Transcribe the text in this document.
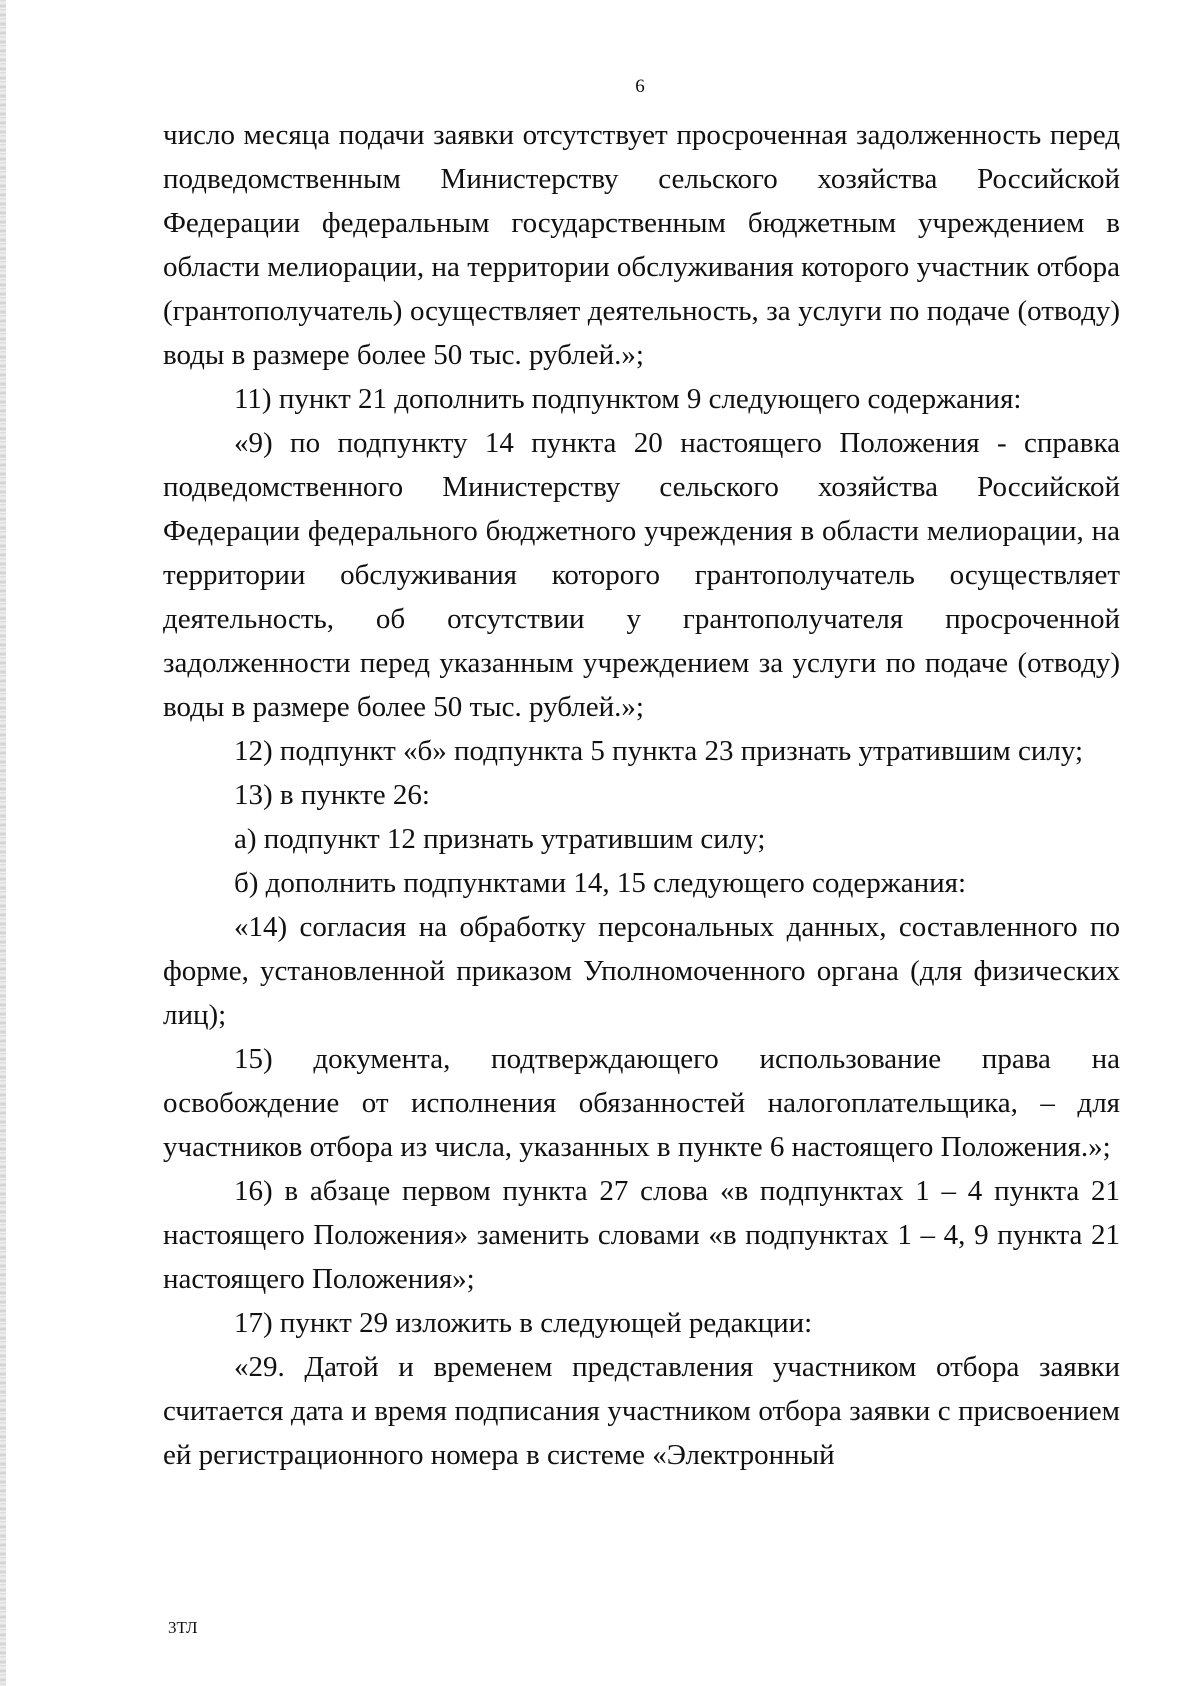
6

число месяца подачи заявки отсутствует просроченная задолженность перед подведомственным Министерству сельского хозяйства Российской Федерации федеральным государственным бюджетным учреждением в области мелиорации, на территории обслуживания которого участник отбора (грантополучатель) осуществляет деятельность, за услуги по подаче (отводу) воды в размере более 50 тыс. рублей.»;

11) пункт 21 дополнить подпунктом 9 следующего содержания:

«9) по подпункту 14 пункта 20 настоящего Положения - справка подведомственного Министерству сельского хозяйства Российской Федерации федерального бюджетного учреждения в области мелиорации, на территории обслуживания которого грантополучатель осуществляет деятельность, об отсутствии у грантополучателя просроченной задолженности перед указанным учреждением за услуги по подаче (отводу) воды в размере более 50 тыс. рублей.»;

12) подпункт «б» подпункта 5 пункта 23 признать утратившим силу;

13) в пункте 26:

а) подпункт 12 признать утратившим силу;

б) дополнить подпунктами 14, 15 следующего содержания:

«14) согласия на обработку персональных данных, составленного по форме, установленной приказом Уполномоченного органа (для физических лиц);

15) документа, подтверждающего использование права на освобождение от исполнения обязанностей налогоплательщика, – для участников отбора из числа, указанных в пункте 6 настоящего Положения.»;

16) в абзаце первом пункта 27 слова «в подпунктах 1 – 4 пункта 21 настоящего Положения» заменить словами «в подпунктах 1 – 4, 9 пункта 21 настоящего Положения»;

17) пункт 29 изложить в следующей редакции:

«29. Датой и временем представления участником отбора заявки считается дата и время подписания участником отбора заявки с присвоением ей регистрационного номера в системе «Электронный

3ТЛ
